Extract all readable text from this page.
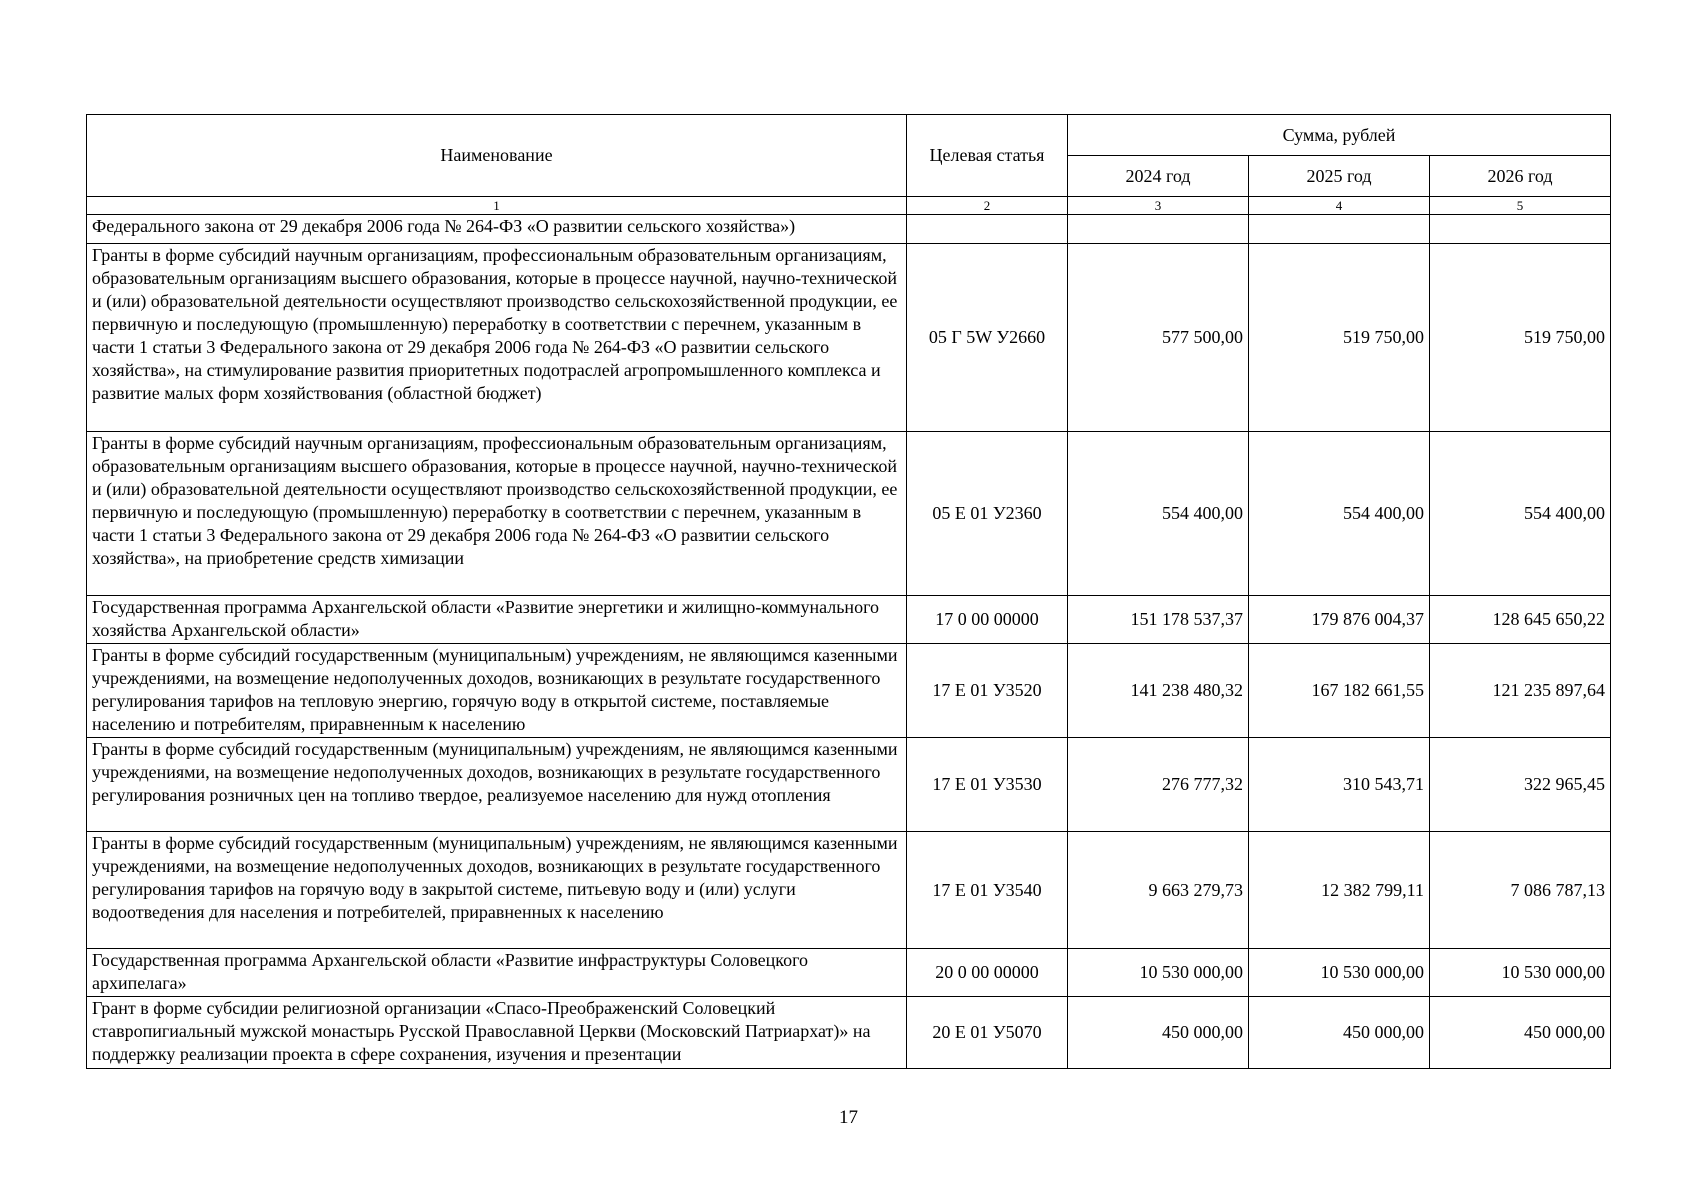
Наименование	Целевая статья	Сумма, рублей		
		2024 год	2025 год	2026 год
1	2	3	4	5
Федерального закона от 29 декабря 2006 года № 264-ФЗ «О развитии сельского хозяйства»)				
Гранты в форме субсидий научным организациям, профессиональным образовательным организациям, образовательным организациям высшего образования, которые в процессе научной, научно-технической и (или) образовательной деятельности осуществляют производство сельскохозяйственной продукции, ее первичную и последующую (промышленную) переработку в соответствии с перечнем, указанным в части 1 статьи 3 Федерального закона от 29 декабря 2006 года № 264-ФЗ «О развитии сельского хозяйства», на стимулирование развития приоритетных подотраслей агропромышленного комплекса и развитие малых форм хозяйствования (областной бюджет)	05 Г 5W У2660	577 500,00	519 750,00	519 750,00
Гранты в форме субсидий научным организациям, профессиональным образовательным организациям, образовательным организациям высшего образования, которые в процессе научной, научно-технической и (или) образовательной деятельности осуществляют производство сельскохозяйственной продукции, ее первичную и последующую (промышленную) переработку в соответствии с перечнем, указанным в части 1 статьи 3 Федерального закона от 29 декабря 2006 года № 264-ФЗ «О развитии сельского хозяйства», на приобретение средств химизации	05 Е 01 У2360	554 400,00	554 400,00	554 400,00
Государственная программа Архангельской области «Развитие энергетики и жилищно-коммунального хозяйства Архангельской области»	17 0 00 00000	151 178 537,37	179 876 004,37	128 645 650,22
Гранты в форме субсидий государственным (муниципальным) учреждениям, не являющимся казенными учреждениями, на возмещение недополученных доходов, возникающих в результате государственного регулирования тарифов на тепловую энергию, горячую воду в открытой системе, поставляемые населению и потребителям, приравненным к населению	17 Е 01 У3520	141 238 480,32	167 182 661,55	121 235 897,64
Гранты в форме субсидий государственным (муниципальным) учреждениям, не являющимся казенными учреждениями, на возмещение недополученных доходов, возникающих в результате государственного регулирования розничных цен на топливо твердое, реализуемое населению для нужд отопления	17 Е 01 У3530	276 777,32	310 543,71	322 965,45
Гранты в форме субсидий государственным (муниципальным) учреждениям, не являющимся казенными учреждениями, на возмещение недополученных доходов, возникающих в результате государственного регулирования тарифов на горячую воду в закрытой системе, питьевую воду и (или) услуги водоотведения для населения и потребителей, приравненных к населению	17 Е 01 У3540	9 663 279,73	12 382 799,11	7 086 787,13
Государственная программа Архангельской области «Развитие инфраструктуры Соловецкого архипелага»	20 0 00 00000	10 530 000,00	10 530 000,00	10 530 000,00
Грант в форме субсидии религиозной организации «Спасо-Преображенский Соловецкий ставропигиальный мужской монастырь Русской Православной Церкви (Московский Патриархат)» на поддержку реализации проекта в сфере сохранения, изучения и презентации	20 Е 01 У5070	450 000,00	450 000,00	450 000,00
17
